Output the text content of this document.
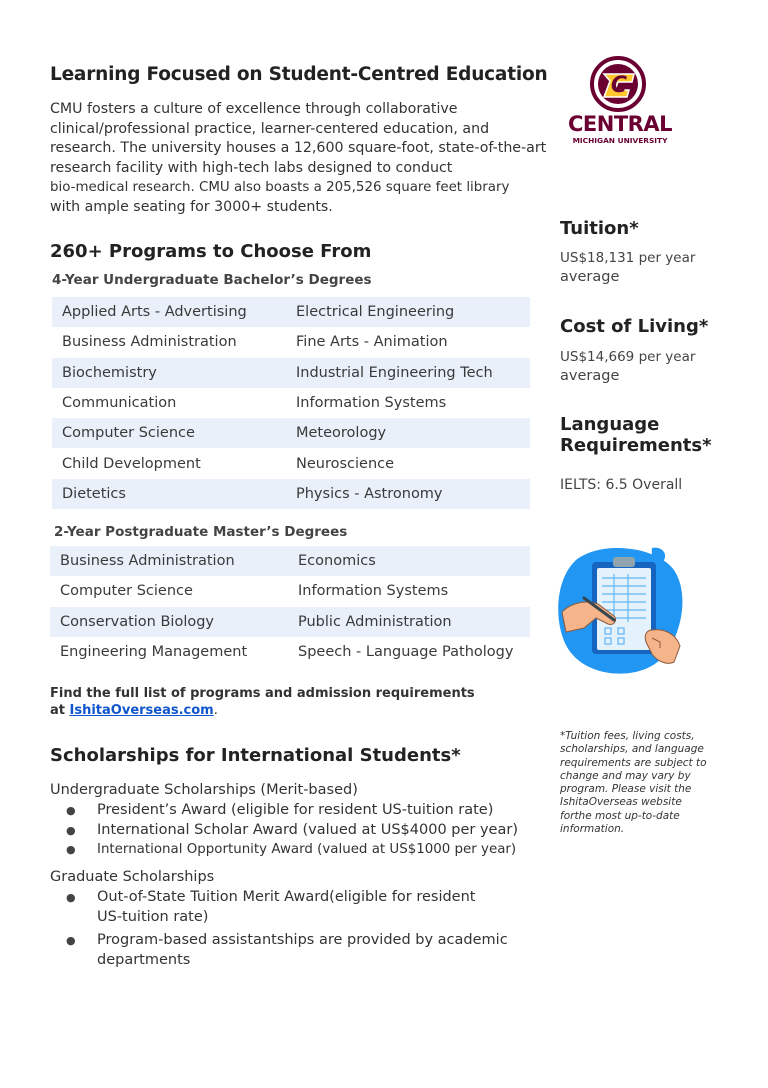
Learning Focused on Student-Centred Education
CMU fosters a culture of excellence through collaborative
clinical/professional practice, learner-centered education, and
research. The university houses a 12,600 square-foot, state-of-the-art
research facility with high-tech labs designed to conduct
bio-medical research. CMU also boasts a 205,526 square feet library
with ample seating for 3000+ students.
C
CENTRAL
MICHIGAN UNIVERSITY
260+ Programs to Choose From
4-Year Undergraduate Bachelor’s Degrees
Applied Arts - Advertising	Electrical Engineering
Business Administration	Fine Arts - Animation
Biochemistry	Industrial Engineering Tech
Communication	Information Systems
Computer Science	Meteorology
Child Development	Neuroscience
Dietetics	Physics - Astronomy
2-Year Postgraduate Master’s Degrees
Business Administration	Economics
Computer Science	Information Systems
Conservation Biology	Public Administration
Engineering Management	Speech - Language Pathology
Find the full list of programs and admission requirements
at IshitaOverseas.com.
Scholarships for International Students*
Undergraduate Scholarships (Merit-based)
● President’s Award (eligible for resident US-tuition rate)
● International Scholar Award (valued at US$4000 per year)
● International Opportunity Award (valued at US$1000 per year)
Graduate Scholarships
● Out-of-State Tuition Merit Award(eligible for resident US-tuition rate)
● Program-based assistantships are provided by academic departments
Tuition*
US$18,131 per year
average
Cost of Living*
US$14,669 per year
average
Language
Requirements*
IELTS: 6.5 Overall
*Tuition fees, living costs, scholarships, and language requirements are subject to change and may vary by program. Please visit the IshitaOverseas website forthe most up-to-date information.
